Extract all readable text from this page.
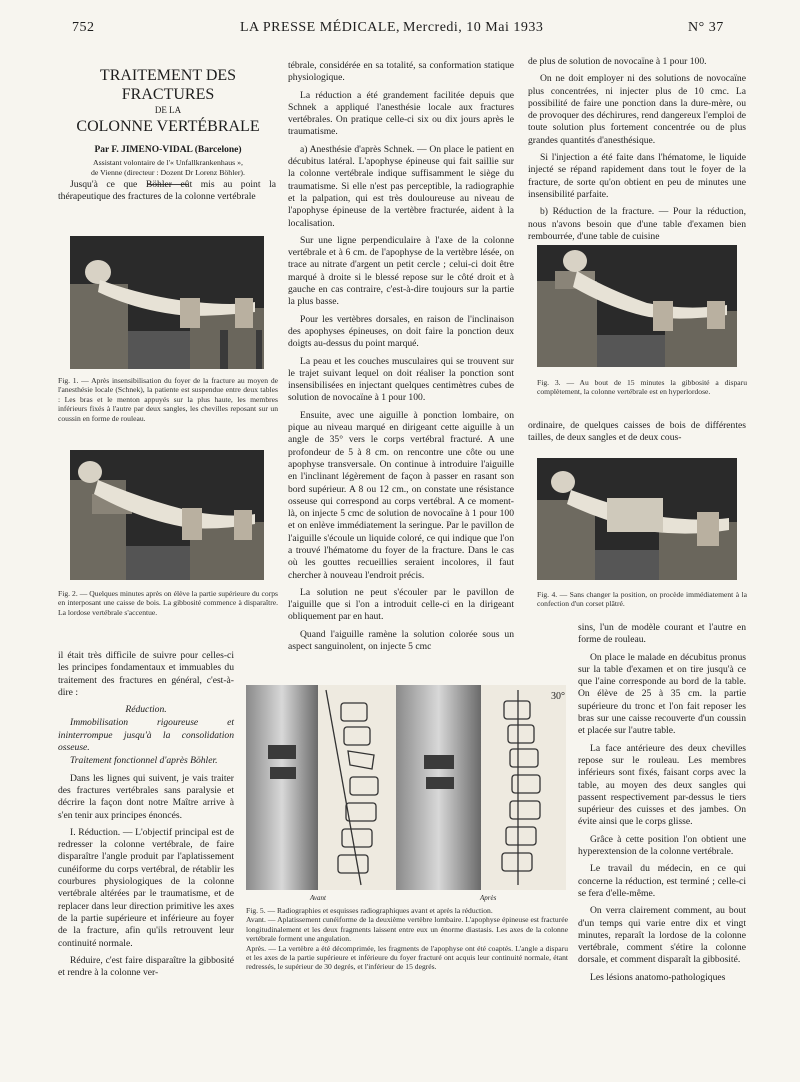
752	LA PRESSE MÉDICALE, Mercredi, 10 Mai 1933	N° 37
TRAITEMENT DES FRACTURES
DE LA
COLONNE VERTÉBRALE
Par F. JIMENO-VIDAL (Barcelone)
Assistant volontaire de l'« Unfallkrankenhaus »,
de Vienne (directeur : Dozent Dr Lorenz Böhler).

Jusqu'à ce que Böhler eût mis au point la thérapeutique des fractures de la colonne vertébrale

Fig. 1. — Après insensibilisation du foyer de la fracture au moyen de l'anesthésie locale (Schnek), la patiente est suspendue entre deux tables : Les bras et le menton appuyés sur la plus haute, les membres inférieurs fixés à l'autre par deux sangles, les chevilles reposant sur un coussin en forme de rouleau.
Fig. 2. — Quelques minutes après on élève la partie supérieure du corps en interposant une caisse de bois. La gibbosité commence à disparaître. La lordose vertébrale s'accentue.

il était très difficile de suivre pour celles-ci les principes fondamentaux et immuables du traitement des fractures en général, c'est-à-dire :

Réduction.

Immobilisation rigoureuse et ininterrompue jusqu'à la consolidation osseuse.

Traitement fonctionnel d'après Böhler.

Dans les lignes qui suivent, je vais traiter des fractures vertébrales sans paralysie et décrire la façon dont notre Maître arrive à s'en tenir aux principes énoncés.

I. Réduction. — L'objectif principal est de redresser la colonne vertébrale, de faire disparaître l'angle produit par l'aplatissement cunéiforme du corps vertébral, de rétablir les courbures physiologiques de la colonne vertébrale altérées par le traumatisme, et de replacer dans leur direction primitive les axes de la partie supérieure et inférieure au foyer de la fracture, afin qu'ils retrouvent leur continuité normale.

Réduire, c'est faire disparaître la gibbosité et rendre à la colonne ver-

tébrale, considérée en sa totalité, sa conformation statique physiologique.

La réduction a été grandement facilitée depuis que Schnek a appliqué l'anesthésie locale aux fractures vertébrales. On pratique celle-ci six ou dix jours après le traumatisme.

a) Anesthésie d'après Schnek. — On place le patient en décubitus latéral. L'apophyse épineuse qui fait saillie sur la colonne vertébrale indique suffisamment le siège du traumatisme. Si elle n'est pas perceptible, la radiographie et la palpation, qui est très douloureuse au niveau de l'apophyse épineuse de la vertèbre fracturée, aident à la localisation.

Sur une ligne perpendiculaire à l'axe de la colonne vertébrale et à 6 cm. de l'apophyse de la vertèbre lésée, on trace au nitrate d'argent un petit cercle ; celui-ci doit être marqué à droite si le blessé repose sur le côté droit et à gauche en cas contraire, c'est-à-dire toujours sur la partie la plus basse.

Pour les vertèbres dorsales, en raison de l'inclinaison des apophyses épineuses, on doit faire la ponction deux doigts au-dessus du point marqué.

La peau et les couches musculaires qui se trouvent sur le trajet suivant lequel on doit réaliser la ponction sont insensibilisées en injectant quelques centimètres cubes de solution de novocaïne à 1 pour 100.

Ensuite, avec une aiguille à ponction lombaire, on pique au niveau marqué en dirigeant cette aiguille à un angle de 35° vers le corps vertébral fracturé. A une profondeur de 5 à 8 cm. on rencontre une côte ou une apophyse transversale. On continue à introduire l'aiguille en l'inclinant légèrement de façon à passer en rasant son bord supérieur. A 8 ou 12 cm., on constate une résistance osseuse qui correspond au corps vertébral. A ce moment-là, on injecte 5 cmc de solution de novocaïne à 1 pour 100 et on enlève immédiatement la seringue. Par le pavillon de l'aiguille s'écoule un liquide coloré, ce qui indique que l'on a trouvé l'hématome du foyer de la fracture. Dans le cas où les gouttes recueillies seraient incolores, il faut chercher à nouveau l'endroit précis.

La solution ne peut s'écouler par le pavillon de l'aiguille que si l'on a introduit celle-ci en la dirigeant obliquement par en haut.

Quand l'aiguille ramène la solution colorée sous un aspect sanguinolent, on injecte 5 cmc

de plus de solution de novocaïne à 1 pour 100.

On ne doit employer ni des solutions de novocaïne plus concentrées, ni injecter plus de 10 cmc. La possibilité de faire une ponction dans la dure-mère, ou de provoquer des déchirures, rend dangereux l'emploi de toute solution plus fortement concentrée ou de plus grandes quantités d'anesthésique.

Si l'injection a été faite dans l'hématome, le liquide injecté se répand rapidement dans tout le foyer de la fracture, de sorte qu'on obtient en peu de minutes une insensibilité parfaite.

b) Réduction de la fracture. — Pour la réduction, nous n'avons besoin que d'une table d'examen bien rembourrée, d'une table de cuisine

Fig. 3. — Au bout de 15 minutes la gibbosité a disparu complètement, la colonne vertébrale est en hyperlordose.

ordinaire, de quelques caisses de bois de différentes tailles, de deux sangles et de deux cous-

Fig. 4. — Sans changer la position, on procède immédiatement à la confection d'un corset plâtré.

sins, l'un de modèle courant et l'autre en forme de rouleau.

On place le malade en décubitus pronus sur la table d'examen et on tire jusqu'à ce que l'aine corresponde au bord de la table. On élève de 25 à 35 cm. la partie supérieure du tronc et l'on fait reposer les bras sur une caisse recouverte d'un coussin et placée sur l'autre table.

La face antérieure des deux chevilles repose sur le rouleau. Les membres inférieurs sont fixés, faisant corps avec la table, au moyen des deux sangles qui passent respectivement par-dessus le tiers supérieur des cuisses et des jambes. On évite ainsi que le corps glisse.

Grâce à cette position l'on obtient une hyperextension de la colonne vertébrale.

Le travail du médecin, en ce qui concerne la réduction, est terminé ; celle-ci se fera d'elle-même.

On verra clairement comment, au bout d'un temps qui varie entre dix et vingt minutes, reparaît la lordose de la colonne vertébrale, comment s'étire la colonne dorsale, et comment disparaît la gibbosité.

Les lésions anatomo-pathologiques

30°
Avant	Après
Fig. 5. — Radiographies et esquisses radiographiques avant et après la réduction.
Avant. — Aplatissement cunéiforme de la deuxième vertèbre lombaire. L'apophyse épineuse est fracturée longitudinalement et les deux fragments laissent entre eux un énorme diastasis. Les axes de la colonne vertébrale forment une angulation.
Après. — La vertèbre a été décomprimée, les fragments de l'apophyse ont été coaptés. L'angle a disparu et les axes de la partie supérieure et inférieure du foyer fracturé ont acquis leur continuité normale, étant redressés, le supérieur de 30 degrés, et l'inférieur de 15 degrés.
